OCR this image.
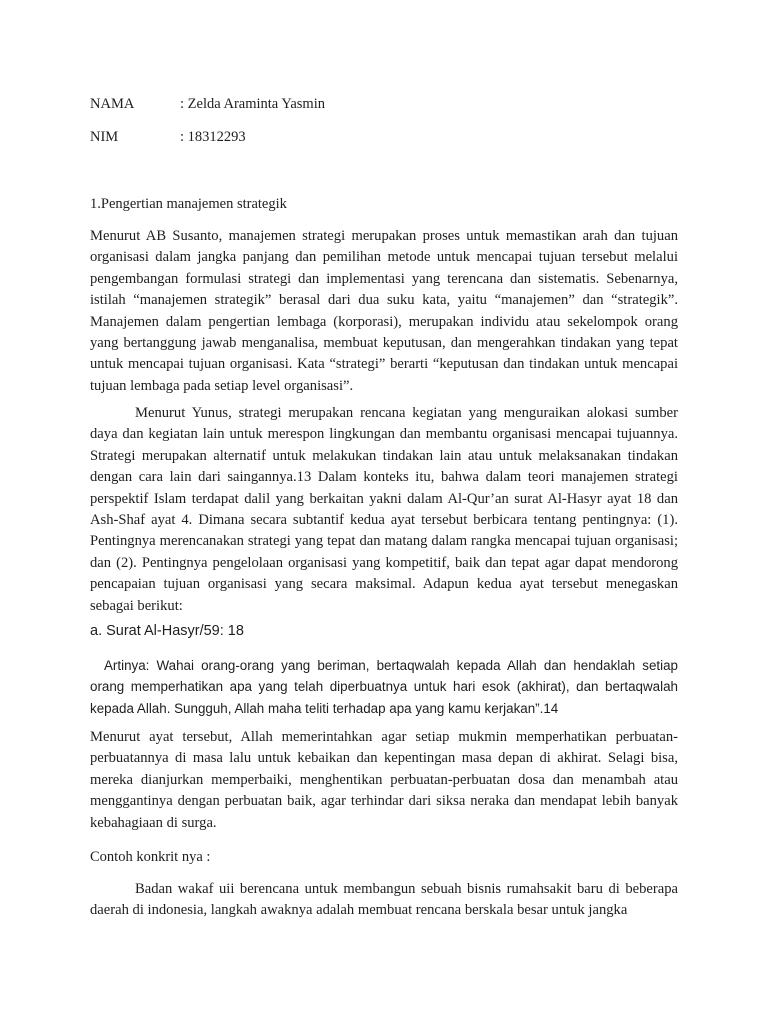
NAMA	: Zelda Araminta Yasmin
NIM	: 18312293
1.Pengertian manajemen strategik

Menurut AB Susanto, manajemen strategi merupakan proses untuk memastikan arah dan tujuan organisasi dalam jangka panjang dan pemilihan metode untuk mencapai tujuan tersebut melalui pengembangan formulasi strategi dan implementasi yang terencana dan sistematis. Sebenarnya, istilah “manajemen strategik” berasal dari dua suku kata, yaitu “manajemen” dan “strategik”. Manajemen dalam pengertian lembaga (korporasi), merupakan individu atau sekelompok orang yang bertanggung jawab menganalisa, membuat keputusan, dan mengerahkan tindakan yang tepat untuk mencapai tujuan organisasi. Kata “strategi” berarti “keputusan dan tindakan untuk mencapai tujuan lembaga pada setiap level organisasi”.

Menurut Yunus, strategi merupakan rencana kegiatan yang menguraikan alokasi sumber daya dan kegiatan lain untuk merespon lingkungan dan membantu organisasi mencapai tujuannya. Strategi merupakan alternatif untuk melakukan tindakan lain atau untuk melaksanakan tindakan dengan cara lain dari saingannya.13 Dalam konteks itu, bahwa dalam teori manajemen strategi perspektif Islam terdapat dalil yang berkaitan yakni dalam Al-Qur’an surat Al-Hasyr ayat 18 dan Ash-Shaf ayat 4. Dimana secara subtantif kedua ayat tersebut berbicara tentang pentingnya: (1). Pentingnya merencanakan strategi yang tepat dan matang dalam rangka mencapai tujuan organisasi; dan (2). Pentingnya pengelolaan organisasi yang kompetitif, baik dan tepat agar dapat mendorong pencapaian tujuan organisasi yang secara maksimal. Adapun kedua ayat tersebut menegaskan sebagai berikut:

a. Surat Al-Hasyr/59: 18

Artinya: Wahai orang-orang yang beriman, bertaqwalah kepada Allah dan hendaklah setiap orang memperhatikan apa yang telah diperbuatnya untuk hari esok (akhirat), dan bertaqwalah kepada Allah. Sungguh, Allah maha teliti terhadap apa yang kamu kerjakan”.14

Menurut ayat tersebut, Allah memerintahkan agar setiap mukmin memperhatikan perbuatan-perbuatannya di masa lalu untuk kebaikan dan kepentingan masa depan di akhirat. Selagi bisa, mereka dianjurkan memperbaiki, menghentikan perbuatan-perbuatan dosa dan menambah atau menggantinya dengan perbuatan baik, agar terhindar dari siksa neraka dan mendapat lebih banyak kebahagiaan di surga.

Contoh konkrit nya :

Badan wakaf uii berencana untuk membangun sebuah bisnis rumahsakit baru di beberapa daerah di indonesia, langkah awaknya adalah membuat rencana berskala besar untuk jangka
